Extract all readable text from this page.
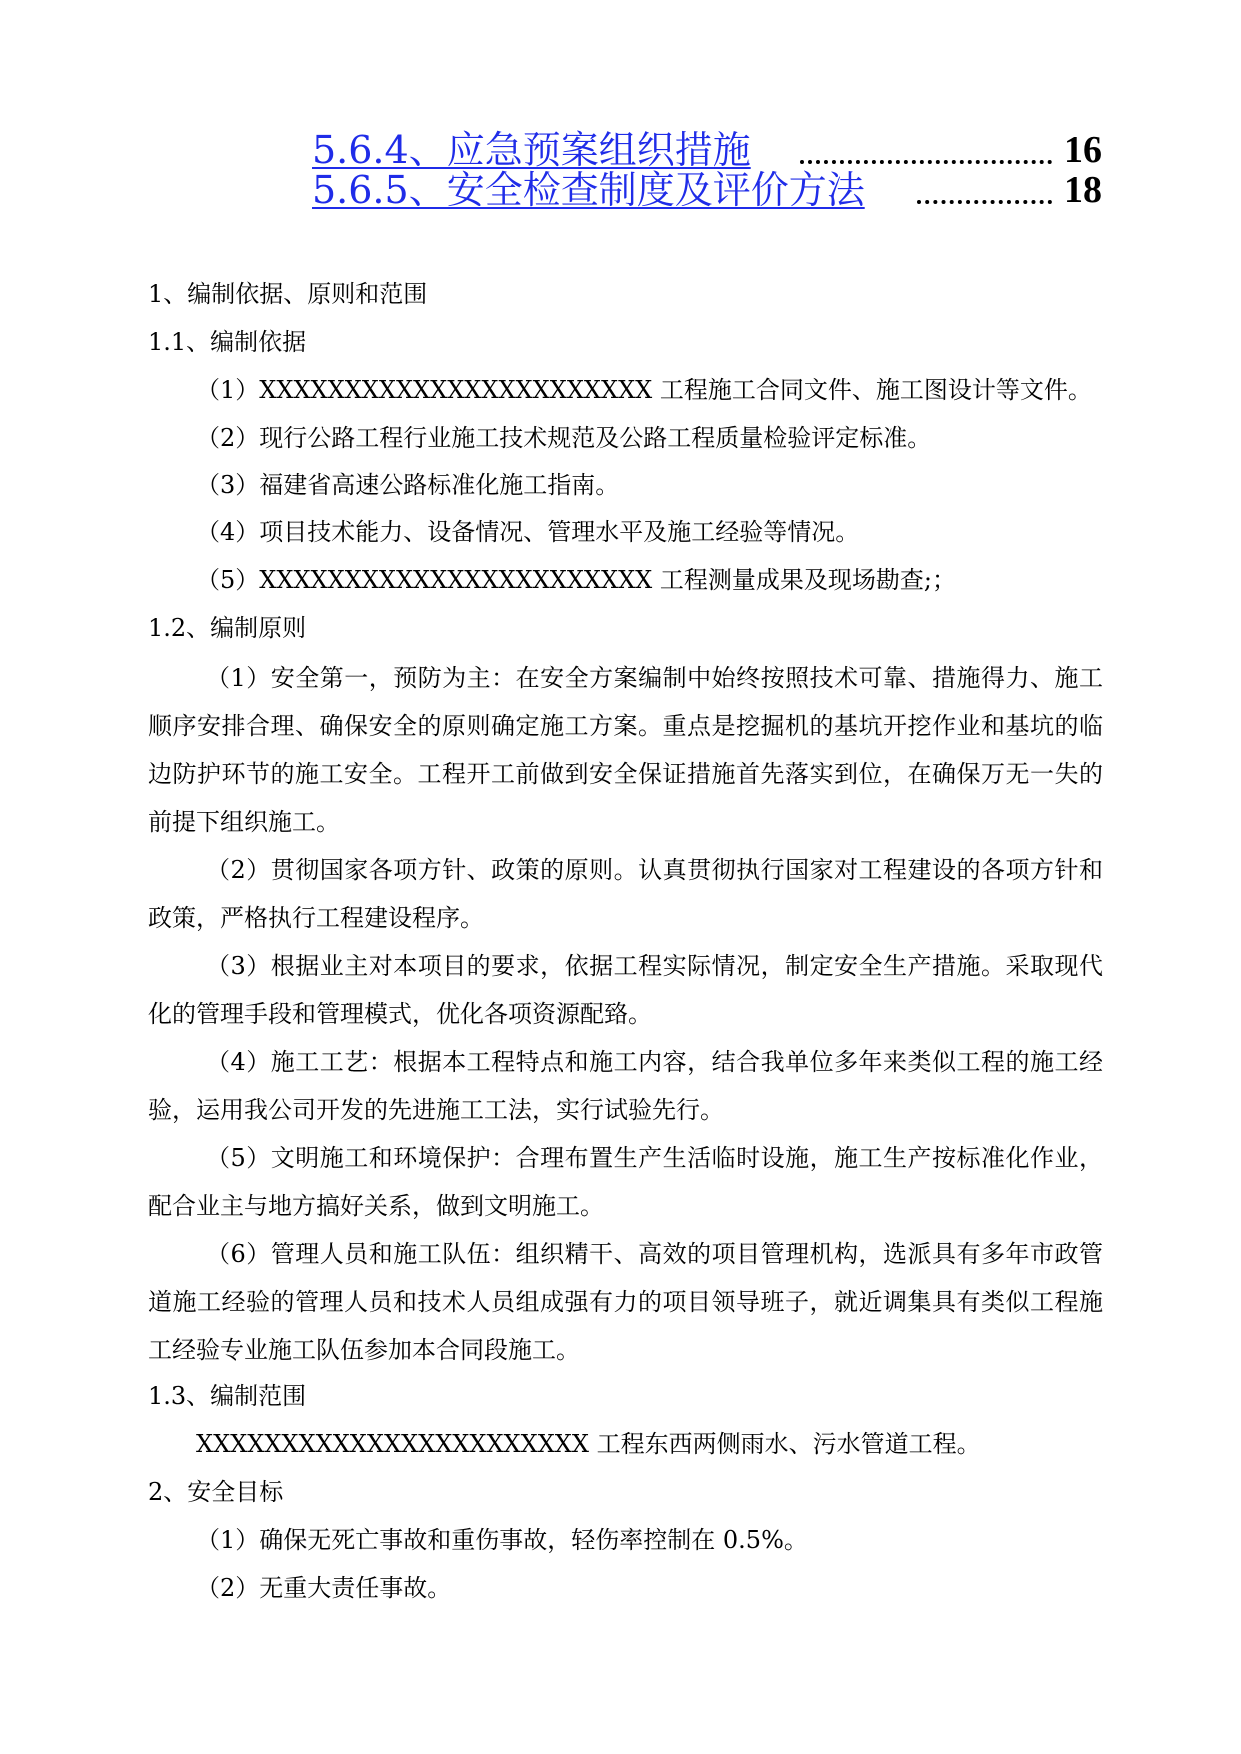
5.6.4、应急预案组织措施	16
5.6.5、安全检查制度及评价方法	18
1、编制依据、原则和范围
1.1、编制依据
（1）XXXXXXXXXXXXXXXXXXXXXXX 工程施工合同文件、施工图设计等文件。
（2）现行公路工程行业施工技术规范及公路工程质量检验评定标准。
（3）福建省高速公路标准化施工指南。
（4）项目技术能力、设备情况、管理水平及施工经验等情况。
（5）XXXXXXXXXXXXXXXXXXXXXXX 工程测量成果及现场勘查;；
1.2、编制原则
（1）安全第一，预防为主：在安全方案编制中始终按照技术可靠、措施得力、施工顺序安排合理、确保安全的原则确定施工方案。重点是挖掘机的基坑开挖作业和基坑的临边防护环节的施工安全。工程开工前做到安全保证措施首先落实到位，在确保万无一失的前提下组织施工。
（2）贯彻国家各项方针、政策的原则。认真贯彻执行国家对工程建设的各项方针和政策，严格执行工程建设程序。
（3）根据业主对本项目的要求，依据工程实际情况，制定安全生产措施。采取现代化的管理手段和管理模式，优化各项资源配臵。
（4）施工工艺：根据本工程特点和施工内容，结合我单位多年来类似工程的施工经验，运用我公司开发的先进施工工法，实行试验先行。
（5）文明施工和环境保护：合理布置生产生活临时设施，施工生产按标准化作业，配合业主与地方搞好关系，做到文明施工。
（6）管理人员和施工队伍：组织精干、高效的项目管理机构，选派具有多年市政管道施工经验的管理人员和技术人员组成强有力的项目领导班子，就近调集具有类似工程施工经验专业施工队伍参加本合同段施工。
1.3、编制范围
XXXXXXXXXXXXXXXXXXXXXXX 工程东西两侧雨水、污水管道工程。
2、安全目标
（1）确保无死亡事故和重伤事故，轻伤率控制在 0.5%。
（2）无重大责任事故。
